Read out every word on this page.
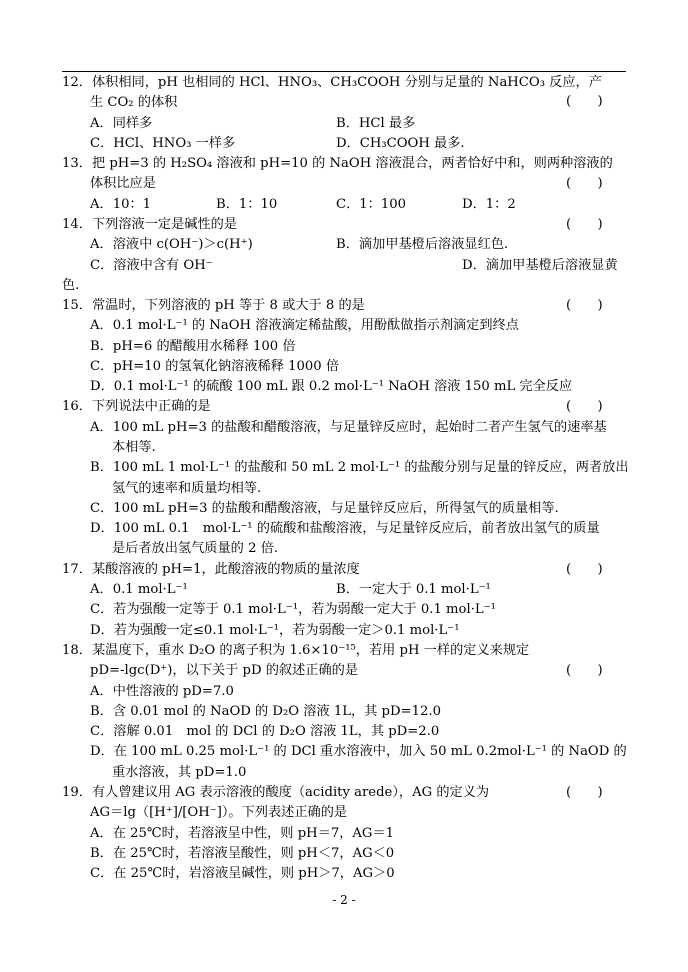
12．体积相同，pH 也相同的 HCl、HNO₃、CH₃COOH 分别与足量的 NaHCO₃ 反应，产
(　　)
生 CO₂ 的体积
A．同样多	B．HCl 最多
C．HCl、HNO₃ 一样多	D．CH₃COOH 最多.
13．把 pH=3 的 H₂SO₄ 溶液和 pH=10 的 NaOH 溶液混合，两者恰好中和，则两种溶液的
(　　)
体积比应是
A．10：1	B．1：10	C．1：100	D．1：2
14．下列溶液一定是碱性的是	(　　)
A．溶液中 c(OH⁻)＞c(H⁺)	B．滴加甲基橙后溶液显红色.
C．溶液中含有 OH⁻	D．滴加甲基橙后溶液显黄
色.
15．常温时，下列溶液的 pH 等于 8 或大于 8 的是	(　　)
A．0.1 mol·L⁻¹ 的 NaOH 溶液滴定稀盐酸，用酚酞做指示剂滴定到终点
B．pH=6 的醋酸用水稀释 100 倍
C．pH=10 的氢氧化钠溶液稀释 1000 倍
D．0.1 mol·L⁻¹ 的硫酸 100 mL 跟 0.2 mol·L⁻¹ NaOH 溶液 150 mL 完全反应
16．下列说法中正确的是	(　　)
A．100 mL pH=3 的盐酸和醋酸溶液，与足量锌反应时，起始时二者产生氢气的速率基
本相等.
B．100 mL 1 mol·L⁻¹ 的盐酸和 50 mL 2 mol·L⁻¹ 的盐酸分别与足量的锌反应，两者放出
氢气的速率和质量均相等.
C．100 mL pH=3 的盐酸和醋酸溶液，与足量锌反应后，所得氢气的质量相等.
D．100 mL 0.1　mol·L⁻¹ 的硫酸和盐酸溶液，与足量锌反应后，前者放出氢气的质量
是后者放出氢气质量的 2 倍.
17．某酸溶液的 pH=1，此酸溶液的物质的量浓度	(　　)
A．0.1 mol·L⁻¹	B．一定大于 0.1 mol·L⁻¹
C．若为强酸一定等于 0.1 mol·L⁻¹，若为弱酸一定大于 0.1 mol·L⁻¹
D．若为强酸一定≤0.1 mol·L⁻¹，若为弱酸一定＞0.1 mol·L⁻¹
18．某温度下，重水 D₂O 的离子积为 1.6×10⁻¹⁵，若用 pH 一样的定义来规定
pD=-lgc(D⁺)，以下关于 pD 的叙述正确的是	(　　)
A．中性溶液的 pD=7.0
B．含 0.01 mol 的 NaOD 的 D₂O 溶液 1L，其 pD=12.0
C．溶解 0.01　mol 的 DCl 的 D₂O 溶液 1L，其 pD=2.0
D．在 100 mL 0.25 mol·L⁻¹ 的 DCl 重水溶液中，加入 50 mL 0.2mol·L⁻¹ 的 NaOD 的
重水溶液，其 pD=1.0
19．有人曾建议用 AG 表示溶液的酸度（acidity arede），AG 的定义为	(　　)
AG＝lg（[H⁺]/[OH⁻]）。下列表述正确的是
A．在 25℃时，若溶液呈中性，则 pH＝7，AG＝1
B．在 25℃时，若溶液呈酸性，则 pH＜7，AG＜0
C．在 25℃时，岩溶液呈碱性，则 pH＞7，AG＞0
- 2 -
